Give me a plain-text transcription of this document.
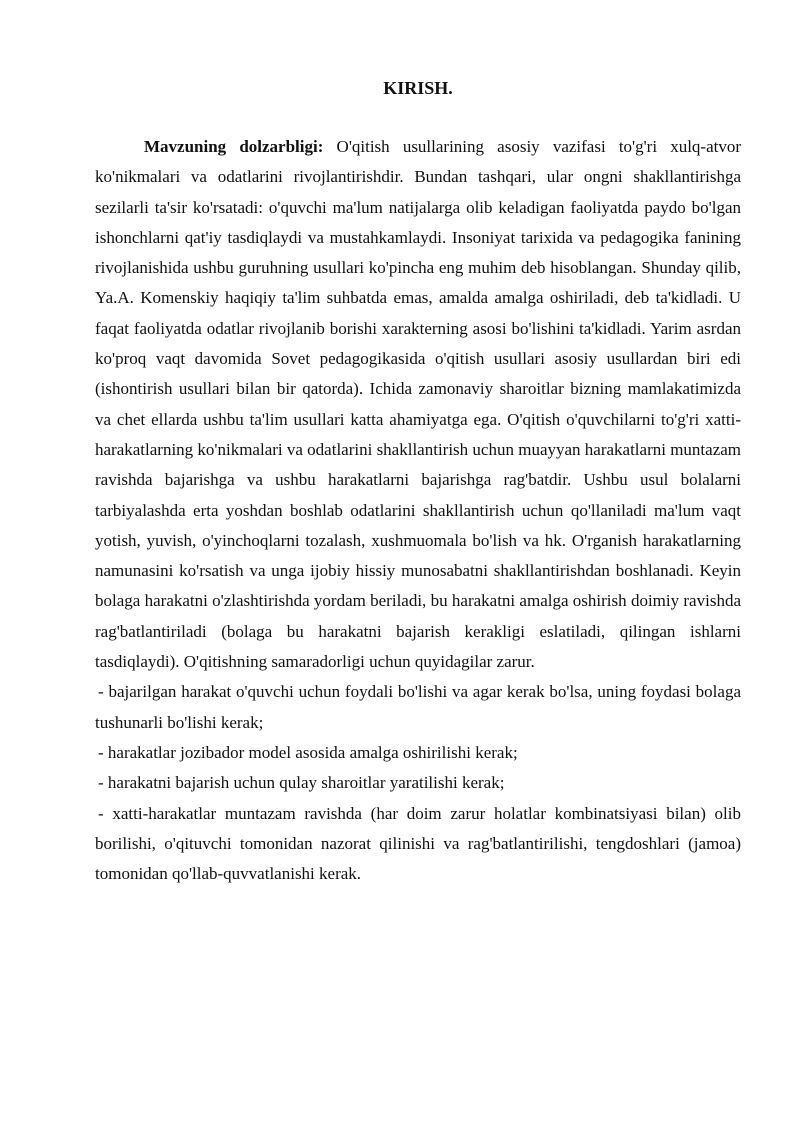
KIRISH.

Mavzuning dolzarbligi: O'qitish usullarining asosiy vazifasi to'g'ri xulq-atvor ko'nikmalari va odatlarini rivojlantirishdir. Bundan tashqari, ular ongni shakllantirishga sezilarli ta'sir ko'rsatadi: o'quvchi ma'lum natijalarga olib keladigan faoliyatda paydo bo'lgan ishonchlarni qat'iy tasdiqlaydi va mustahkamlaydi. Insoniyat tarixida va pedagogika fanining rivojlanishida ushbu guruhning usullari ko'pincha eng muhim deb hisoblangan. Shunday qilib, Ya.A. Komenskiy haqiqiy ta'lim suhbatda emas, amalda amalga oshiriladi, deb ta'kidladi. U faqat faoliyatda odatlar rivojlanib borishi xarakterning asosi bo'lishini ta'kidladi. Yarim asrdan ko'proq vaqt davomida Sovet pedagogikasida o'qitish usullari asosiy usullardan biri edi (ishontirish usullari bilan bir qatorda). Ichida zamonaviy sharoitlar bizning mamlakatimizda va chet ellarda ushbu ta'lim usullari katta ahamiyatga ega. O'qitish o'quvchilarni to'g'ri xatti-harakatlarning ko'nikmalari va odatlarini shakllantirish uchun muayyan harakatlarni muntazam ravishda bajarishga va ushbu harakatlarni bajarishga rag'batdir. Ushbu usul bolalarni tarbiyalashda erta yoshdan boshlab odatlarini shakllantirish uchun qo'llaniladi ma'lum vaqt yotish, yuvish, o'yinchoqlarni tozalash, xushmuomala bo'lish va hk. O'rganish harakatlarning namunasini ko'rsatish va unga ijobiy hissiy munosabatni shakllantirishdan boshlanadi. Keyin bolaga harakatni o'zlashtirishda yordam beriladi, bu harakatni amalga oshirish doimiy ravishda rag'batlantiriladi (bolaga bu harakatni bajarish kerakligi eslatiladi, qilingan ishlarni tasdiqlaydi). O'qitishning samaradorligi uchun quyidagilar zarur.

- bajarilgan harakat o'quvchi uchun foydali bo'lishi va agar kerak bo'lsa, uning foydasi bolaga tushunarli bo'lishi kerak;

- harakatlar jozibador model asosida amalga oshirilishi kerak;

- harakatni bajarish uchun qulay sharoitlar yaratilishi kerak;

- xatti-harakatlar muntazam ravishda (har doim zarur holatlar kombinatsiyasi bilan) olib borilishi, o'qituvchi tomonidan nazorat qilinishi va rag'batlantirilishi, tengdoshlari (jamoa) tomonidan qo'llab-quvvatlanishi kerak.
